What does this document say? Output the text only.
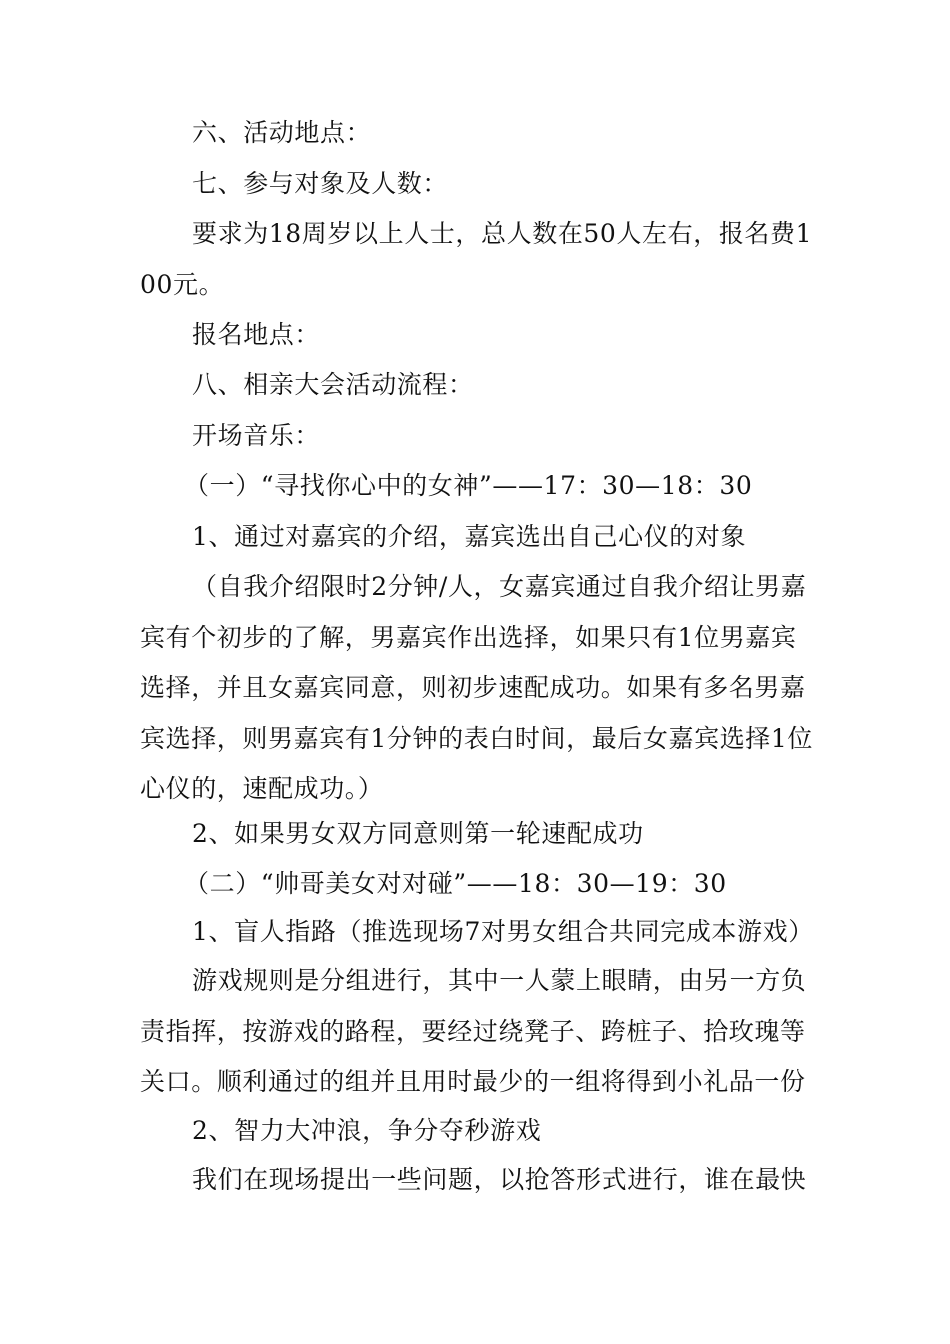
六、活动地点：

七、参与对象及人数：

要求为18周岁以上人士，总人数在50人左右，报名费100元。

报名地点：

八、相亲大会活动流程：

开场音乐：

（一）“寻找你心中的女神”——17：30—18：30

1、通过对嘉宾的介绍，嘉宾选出自己心仪的对象

（自我介绍限时2分钟/人，女嘉宾通过自我介绍让男嘉宾有个初步的了解，男嘉宾作出选择，如果只有1位男嘉宾选择，并且女嘉宾同意，则初步速配成功。如果有多名男嘉宾选择，则男嘉宾有1分钟的表白时间，最后女嘉宾选择1位心仪的，速配成功。）

2、如果男女双方同意则第一轮速配成功

（二）“帅哥美女对对碰”——18：30—19：30

1、盲人指路（推选现场7对男女组合共同完成本游戏）

游戏规则是分组进行，其中一人蒙上眼睛，由另一方负责指挥，按游戏的路程，要经过绕凳子、跨桩子、拾玫瑰等关口。顺利通过的组并且用时最少的一组将得到小礼品一份

2、智力大冲浪，争分夺秒游戏

我们在现场提出一些问题，以抢答形式进行，谁在最快
